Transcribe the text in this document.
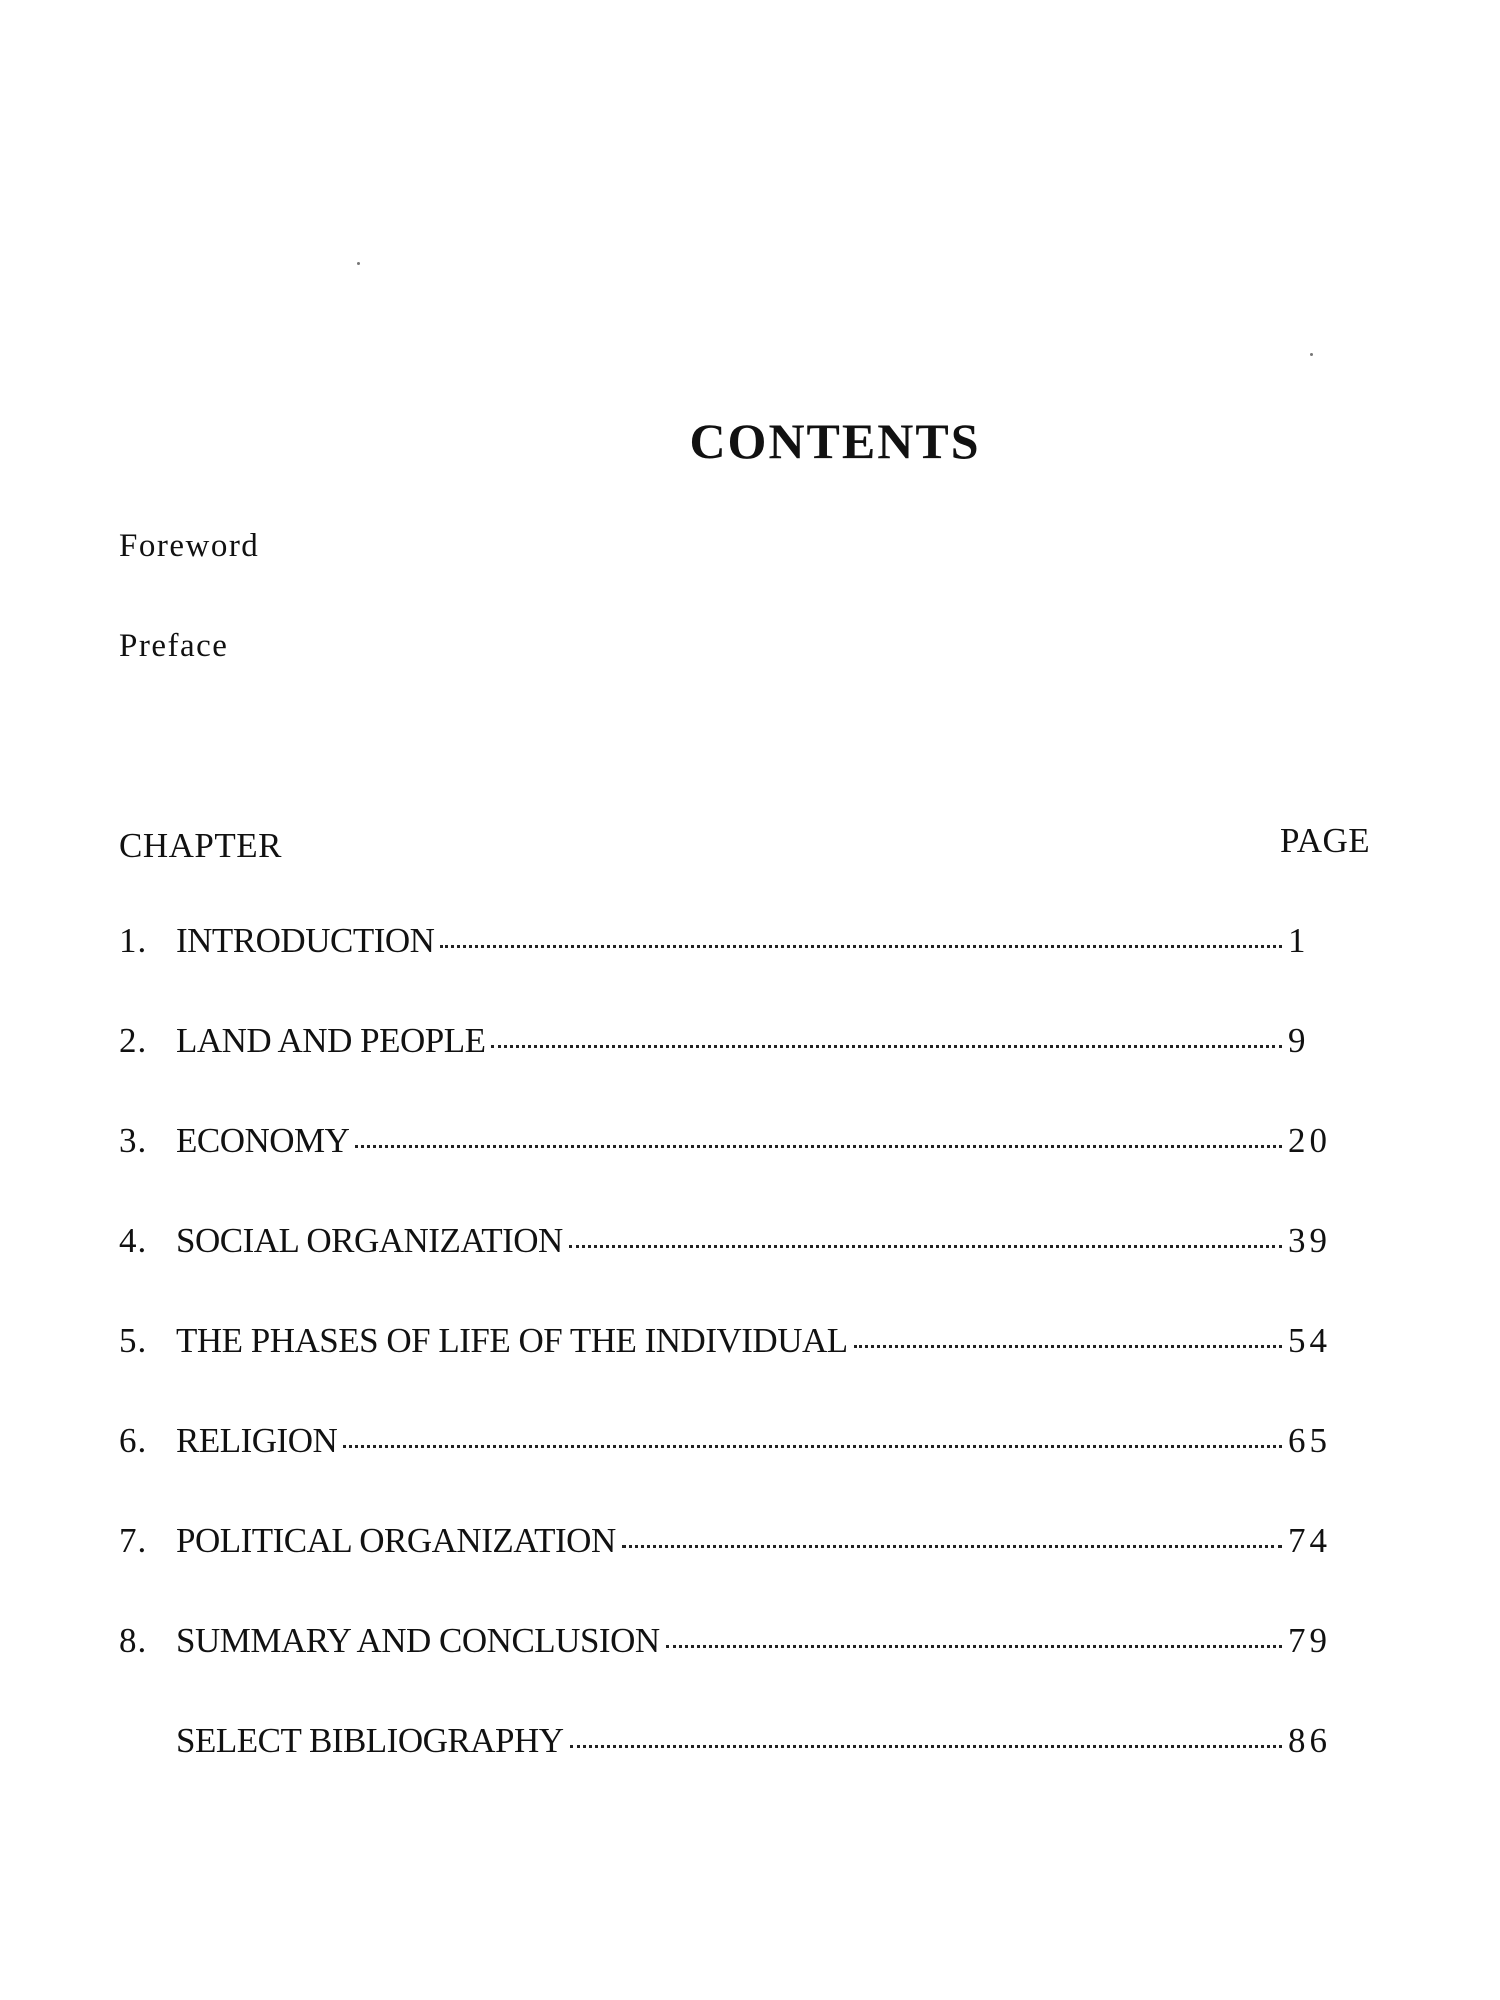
CONTENTS
Foreword
Preface
CHAPTER	PAGE
1. INTRODUCTION	1
2. LAND AND PEOPLE	9
3. ECONOMY	20
4. SOCIAL ORGANIZATION	39
5. THE PHASES OF LIFE OF THE INDIVIDUAL	54
6. RELIGION	65
7. POLITICAL ORGANIZATION	74
8. SUMMARY AND CONCLUSION	79
SELECT BIBLIOGRAPHY	86
